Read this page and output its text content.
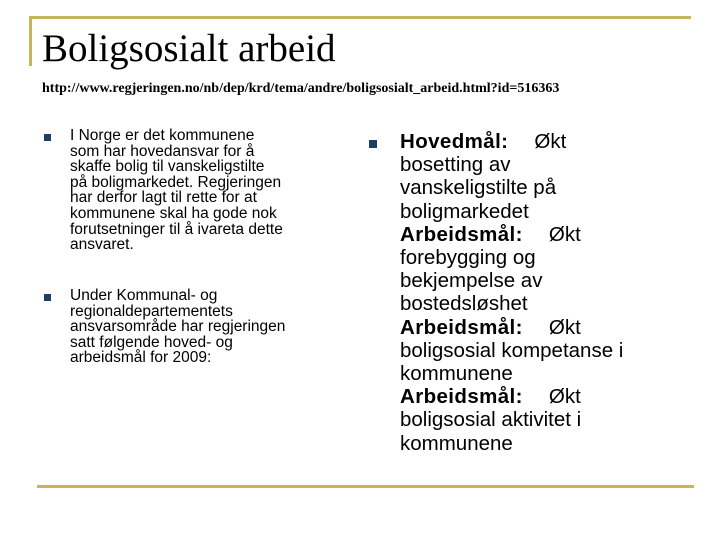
Boligsosialt arbeid
http://www.regjeringen.no/nb/dep/krd/tema/andre/boligsosialt_arbeid.html?id=516363
I Norge er det kommunene
som har hovedansvar for å
skaffe bolig til vanskeligstilte
på boligmarkedet. Regjeringen
har derfor lagt til rette for at
kommunene skal ha gode nok
forutsetninger til å ivareta dette
ansvaret.
Under Kommunal- og
regionaldepartementets
ansvarsområde har regjeringen
satt følgende hoved- og
arbeidsmål for 2009:
Hovedmål: Økt
bosetting av
vanskeligstilte på
boligmarkedet
Arbeidsmål: Økt
forebygging og
bekjempelse av
bostedsløshet
Arbeidsmål: Økt
boligsosial kompetanse i
kommunene
Arbeidsmål: Økt
boligsosial aktivitet i
kommunene
